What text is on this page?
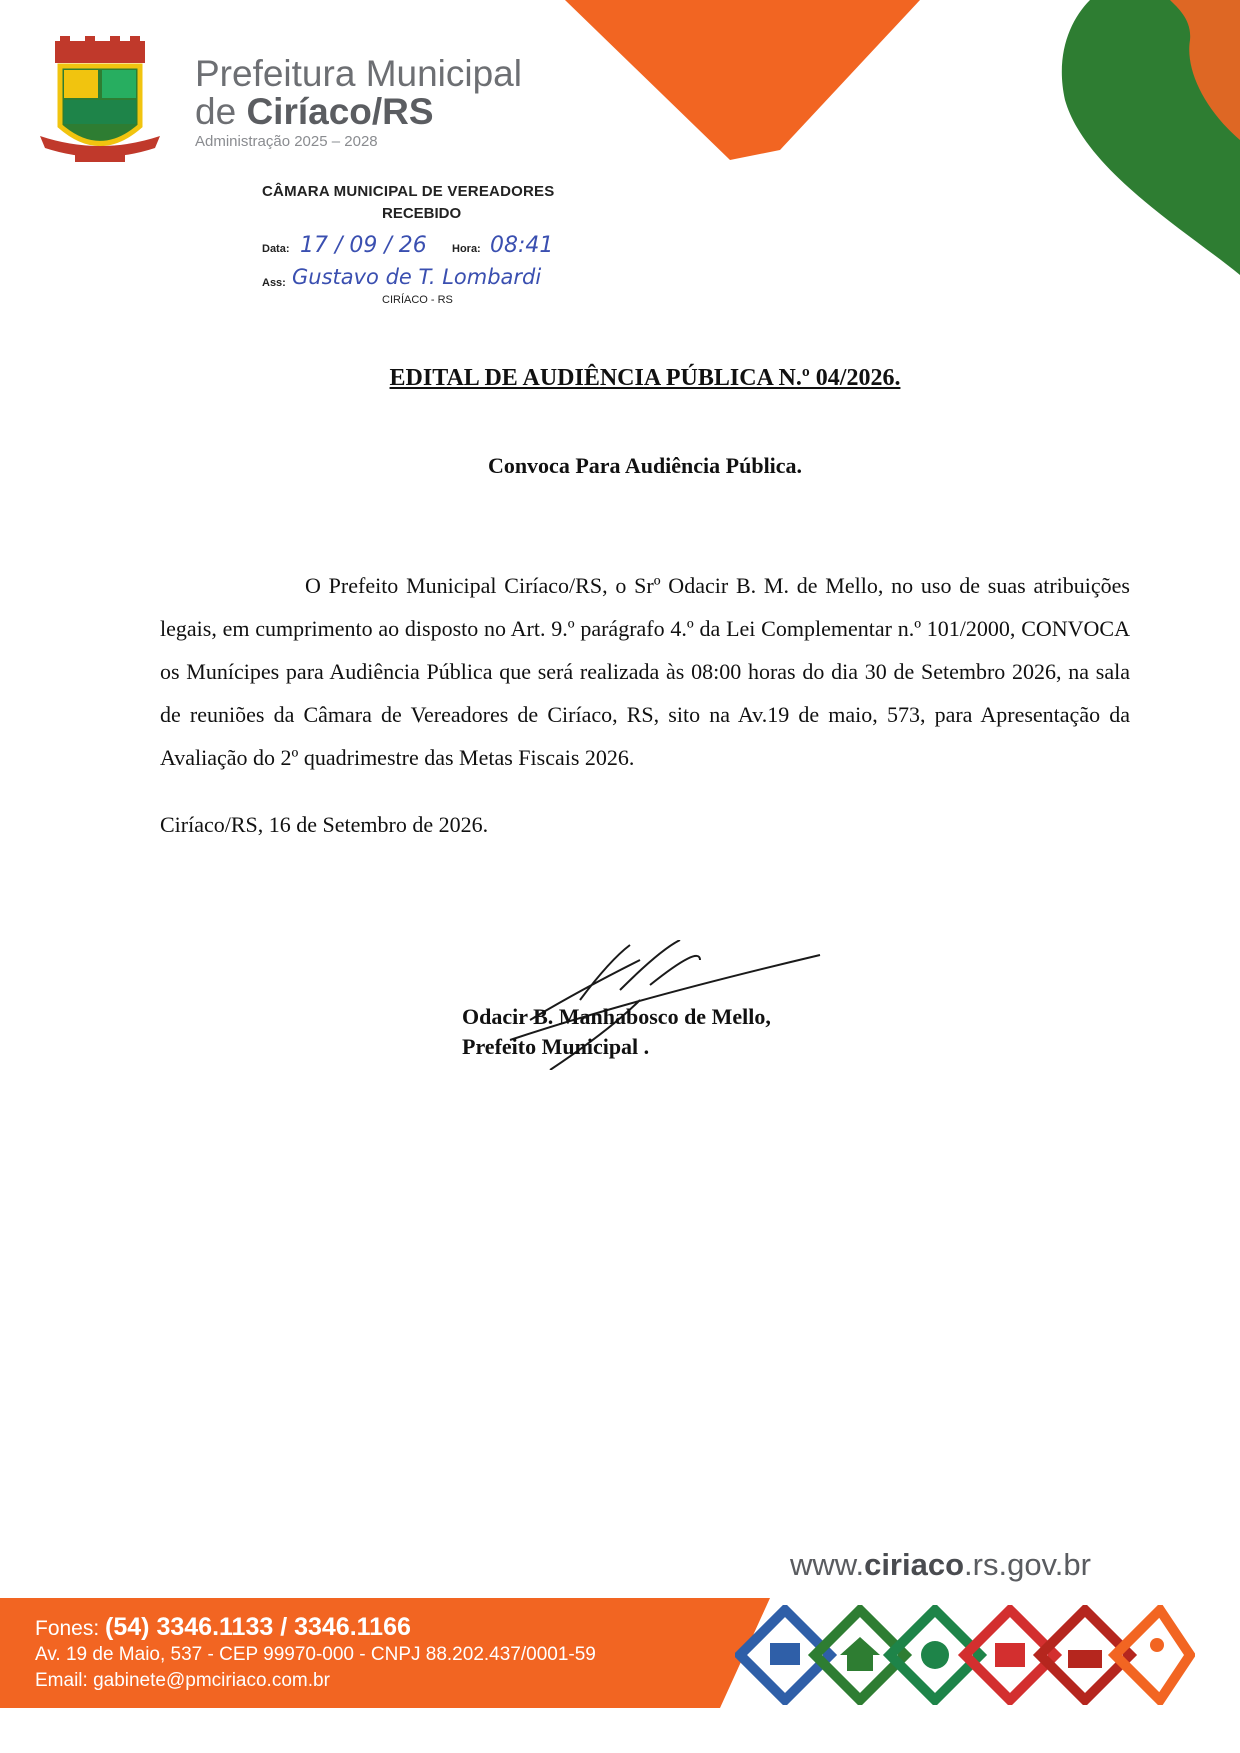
Prefeitura Municipal
de Ciríaco/RS
Administração 2025 – 2028
CÂMARA MUNICIPAL DE VEREADORES
RECEBIDO
Data: 17 / 09 / 26 Hora: 08:41
Ass: Gustavo de T. Lombardi
CIRÍACO - RS
EDITAL DE AUDIÊNCIA PÚBLICA N.º 04/2026.
Convoca Para Audiência Pública.
O Prefeito Municipal Ciríaco/RS, o Srº Odacir B. M. de Mello, no uso de suas atribuições legais, em cumprimento ao disposto no Art. 9.º parágrafo 4.º da Lei Complementar n.º 101/2000, CONVOCA os Munícipes para Audiência Pública que será realizada às 08:00 horas do dia 30 de Setembro 2026, na sala de reuniões da Câmara de Vereadores de Ciríaco, RS, sito na Av.19 de maio, 573, para Apresentação da Avaliação do 2º quadrimestre das Metas Fiscais 2026.
Ciríaco/RS, 16 de Setembro de 2026.
Odacir B. Manhabosco de Mello,
Prefeito Municipal .
www.ciriaco.rs.gov.br
Fones: (54) 3346.1133 / 3346.1166
Av. 19 de Maio, 537 - CEP 99970-000 - CNPJ 88.202.437/0001-59
Email: gabinete@pmciriaco.com.br
